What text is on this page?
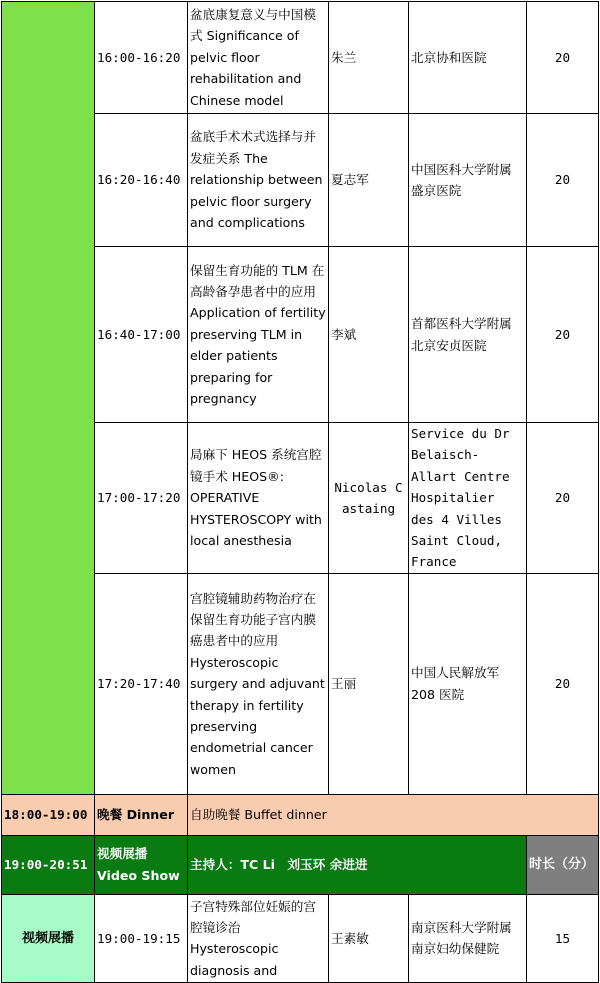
	16:00-16:20	盆底康复意义与中国模式 Significance of pelvic floor rehabilitation and Chinese model	朱兰	北京协和医院	20
	16:20-16:40	盆底手术术式选择与并发症关系 The relationship between pelvic floor surgery and complications	夏志军	中国医科大学附属盛京医院	20
	16:40-17:00	保留生育功能的 TLM 在高龄备孕患者中的应用 Application of fertility preserving TLM in elder patients preparing for pregnancy	李斌	首都医科大学附属北京安贞医院	20
	17:00-17:20	局麻下 HEOS 系统宫腔镜手术 HEOS®: OPERATIVE HYSTEROSCOPY with local anesthesia	Nicolas Castaing	Service du Dr Belaisch-Allart Centre Hospitalier des 4 Villes Saint Cloud, France	20
	17:20-17:40	宫腔镜辅助药物治疗在保留生育功能子宫内膜癌患者中的应用 Hysteroscopic surgery and adjuvant therapy in fertility preserving endometrial cancer women	王丽	中国人民解放军 208 医院	20
18:00-19:00	晚餐 Dinner	自助晚餐 Buffet dinner			
19:00-20:51	视频展播 Video Show	主持人：TC Li　刘玉环 余进进			时长（分）
视频展播	19:00-19:15	子宫特殊部位妊娠的宫腔镜诊治 Hysteroscopic diagnosis and	王素敏	南京医科大学附属南京妇幼保健院	15
